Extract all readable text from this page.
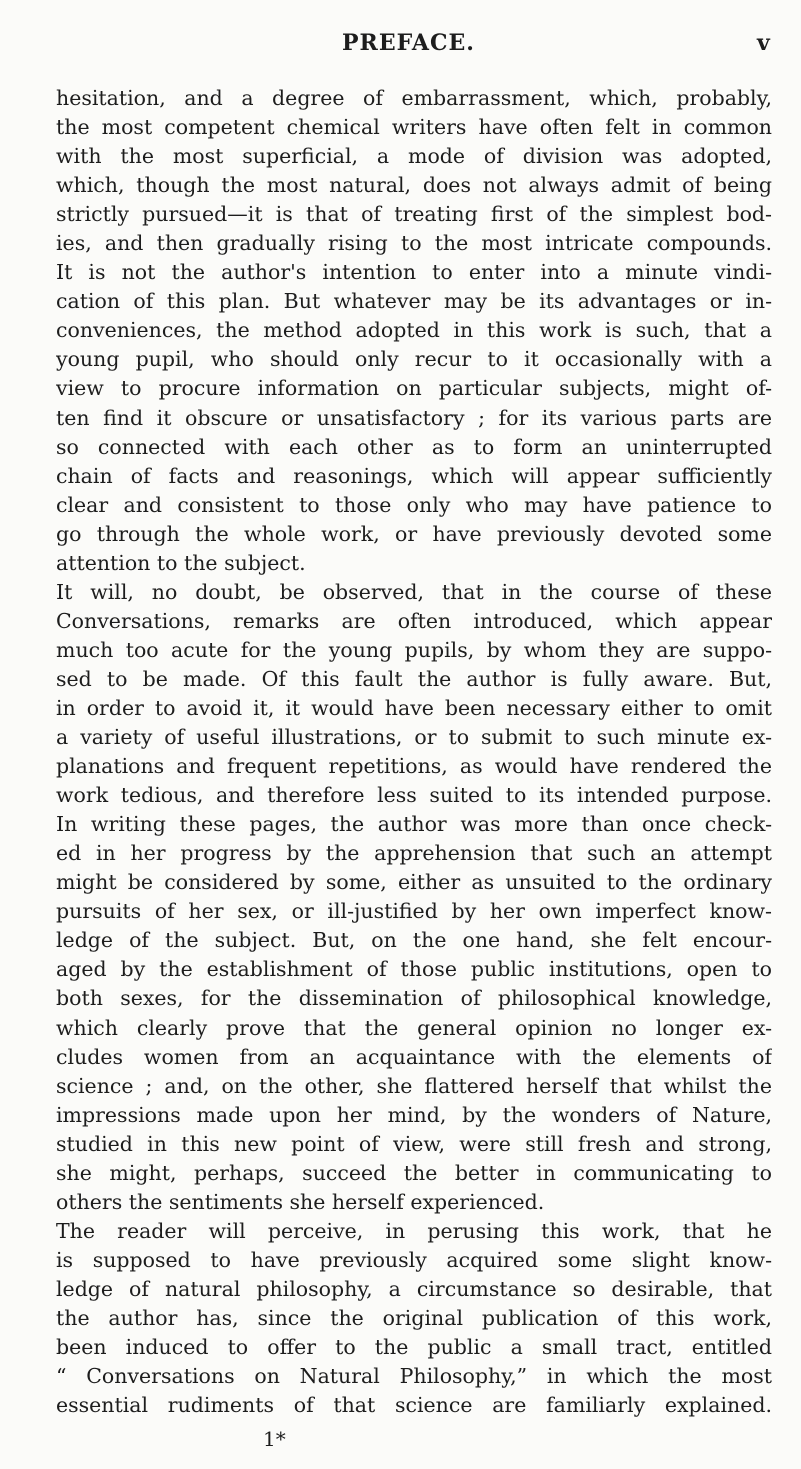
PREFACE.	v
hesitation, and a degree of embarrassment, which, probably,
the most competent chemical writers have often felt in common
with the most superficial, a mode of division was adopted,
which, though the most natural, does not always admit of being
strictly pursued—it is that of treating first of the simplest bod-
ies, and then gradually rising to the most intricate compounds.
It is not the author's intention to enter into a minute vindi-
cation of this plan. But whatever may be its advantages or in-
conveniences, the method adopted in this work is such, that a
young pupil, who should only recur to it occasionally with a
view to procure information on particular subjects, might of-
ten find it obscure or unsatisfactory ; for its various parts are
so connected with each other as to form an uninterrupted
chain of facts and reasonings, which will appear sufficiently
clear and consistent to those only who may have patience to
go through the whole work, or have previously devoted some
attention to the subject.
It will, no doubt, be observed, that in the course of these
Conversations, remarks are often introduced, which appear
much too acute for the young pupils, by whom they are suppo-
sed to be made. Of this fault the author is fully aware. But,
in order to avoid it, it would have been necessary either to omit
a variety of useful illustrations, or to submit to such minute ex-
planations and frequent repetitions, as would have rendered the
work tedious, and therefore less suited to its intended purpose.
In writing these pages, the author was more than once check-
ed in her progress by the apprehension that such an attempt
might be considered by some, either as unsuited to the ordinary
pursuits of her sex, or ill-justified by her own imperfect know-
ledge of the subject. But, on the one hand, she felt encour-
aged by the establishment of those public institutions, open to
both sexes, for the dissemination of philosophical knowledge,
which clearly prove that the general opinion no longer ex-
cludes women from an acquaintance with the elements of
science ; and, on the other, she flattered herself that whilst the
impressions made upon her mind, by the wonders of Nature,
studied in this new point of view, were still fresh and strong,
she might, perhaps, succeed the better in communicating to
others the sentiments she herself experienced.
The reader will perceive, in perusing this work, that he
is supposed to have previously acquired some slight know-
ledge of natural philosophy, a circumstance so desirable, that
the author has, since the original publication of this work,
been induced to offer to the public a small tract, entitled
“ Conversations on Natural Philosophy,” in which the most
essential rudiments of that science are familiarly explained.
1*
